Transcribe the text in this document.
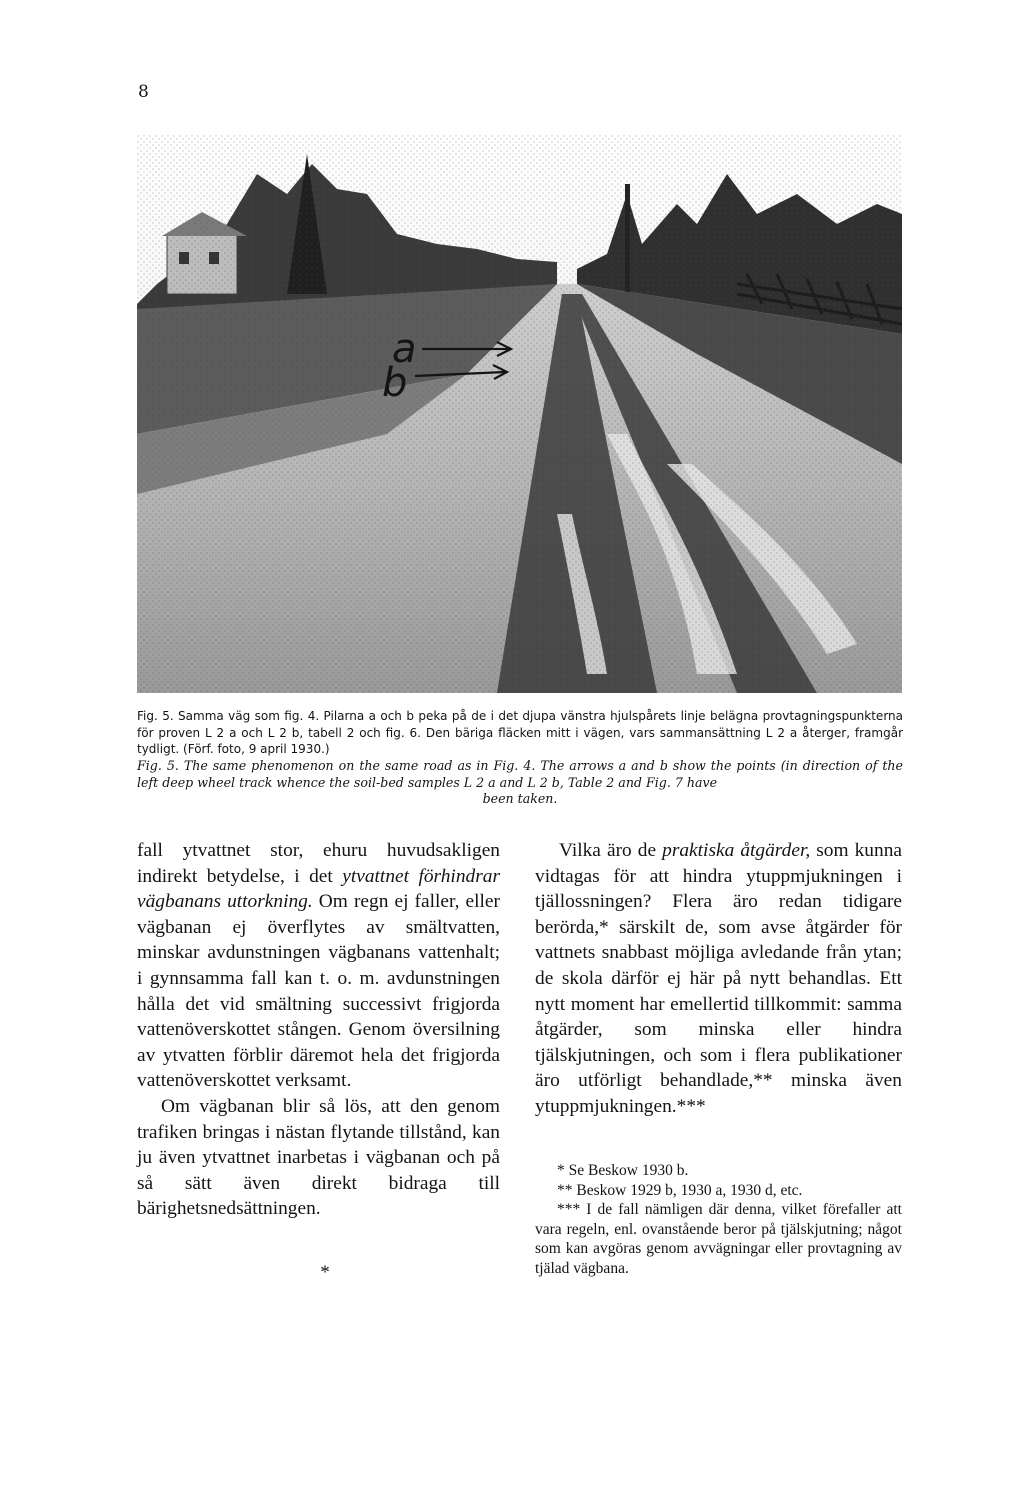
8
a
b
Fig. 5. Samma väg som fig. 4. Pilarna a och b peka på de i det djupa vänstra hjulspårets linje belägna provtagningspunkterna för proven L 2 a och L 2 b, tabell 2 och fig. 6. Den bäriga fläcken mitt i vägen, vars sammansättning L 2 a återger, framgår tydligt. (Förf. foto, 9 april 1930.)
Fig. 5. The same phenomenon on the same road as in Fig. 4. The arrows a and b show the points (in direction of the left deep wheel track whence the soil-bed samples L 2 a and L 2 b, Table 2 and Fig. 7 have
been taken.

fall ytvattnet stor, ehuru huvudsakligen indirekt betydelse, i det ytvattnet förhindrar vägbanans uttorkning. Om regn ej faller, eller vägbanan ej överflytes av smältvatten, minskar avdunstningen vägbanans vattenhalt; i gynnsamma fall kan t. o. m. avdunstningen hålla det vid smältning successivt frigjorda vattenöverskottet stången. Genom översilning av ytvatten förblir däremot hela det frigjorda vattenöverskottet verksamt.

Om vägbanan blir så lös, att den genom trafiken bringas i nästan flytande tillstånd, kan ju även ytvattnet inarbetas i vägbanan och på så sätt även direkt bidraga till bärighetsnedsättningen.

*

Vilka äro de praktiska åtgärder, som kunna vidtagas för att hindra ytuppmjukningen i tjällossningen? Flera äro redan tidigare berörda,* särskilt de, som avse åtgärder för vattnets snabbast möjliga avledande från ytan; de skola därför ej här på nytt behandlas. Ett nytt moment har emellertid tillkommit: samma åtgärder, som minska eller hindra tjälskjutningen, och som i flera publikationer äro utförligt behandlade,** minska även ytuppmjukningen.***

* Se Beskow 1930 b.
** Beskow 1929 b, 1930 a, 1930 d, etc.
*** I de fall nämligen där denna, vilket förefaller att vara regeln, enl. ovanstående beror på tjälskjutning; något som kan avgöras genom avvägningar eller provtagning av tjälad vägbana.
